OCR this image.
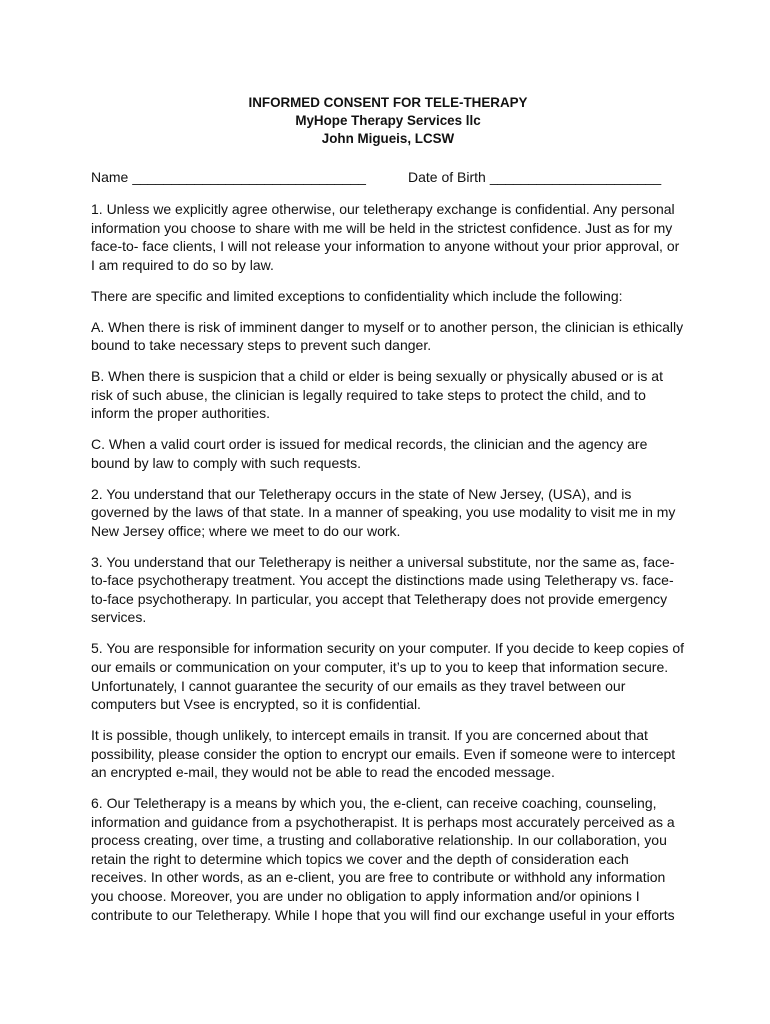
INFORMED CONSENT FOR TELE-THERAPY
MyHope Therapy Services llc
John Migueis, LCSW
Name ______________________________	Date of Birth ______________________

1. Unless we explicitly agree otherwise, our teletherapy exchange is confidential. Any personal information you choose to share with me will be held in the strictest confidence. Just as for my face-to- face clients, I will not release your information to anyone without your prior approval, or I am required to do so by law.

There are specific and limited exceptions to confidentiality which include the following:

A. When there is risk of imminent danger to myself or to another person, the clinician is ethically bound to take necessary steps to prevent such danger.

B. When there is suspicion that a child or elder is being sexually or physically abused or is at risk of such abuse, the clinician is legally required to take steps to protect the child, and to inform the proper authorities.

C. When a valid court order is issued for medical records, the clinician and the agency are bound by law to comply with such requests.

2. You understand that our Teletherapy occurs in the state of New Jersey, (USA), and is governed by the laws of that state. In a manner of speaking, you use modality to visit me in my New Jersey office; where we meet to do our work.

3. You understand that our Teletherapy is neither a universal substitute, nor the same as, face-to-face psychotherapy treatment. You accept the distinctions made using Teletherapy vs. face-to-face psychotherapy. In particular, you accept that Teletherapy does not provide emergency services.

5. You are responsible for information security on your computer. If you decide to keep copies of our emails or communication on your computer, it’s up to you to keep that information secure. Unfortunately, I cannot guarantee the security of our emails as they travel between our computers but Vsee is encrypted, so it is confidential.

It is possible, though unlikely, to intercept emails in transit. If you are concerned about that possibility, please consider the option to encrypt our emails. Even if someone were to intercept an encrypted e-mail, they would not be able to read the encoded message.

6. Our Teletherapy is a means by which you, the e-client, can receive coaching, counseling, information and guidance from a psychotherapist. It is perhaps most accurately perceived as a process creating, over time, a trusting and collaborative relationship. In our collaboration, you retain the right to determine which topics we cover and the depth of consideration each receives. In other words, as an e-client, you are free to contribute or withhold any information you choose. Moreover, you are under no obligation to apply information and/or opinions I contribute to our Teletherapy. While I hope that you will find our exchange useful in your efforts
